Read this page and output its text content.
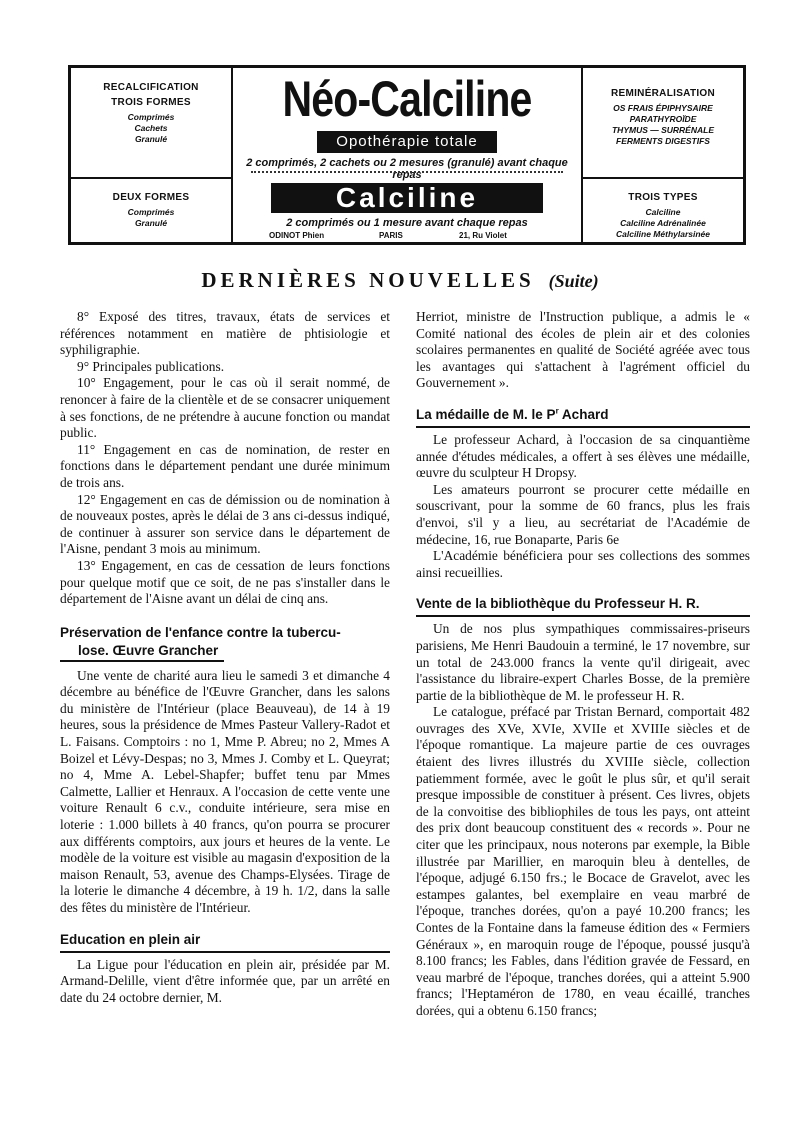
RECALCIFICATION
TROIS FORMES
Comprimés
Cachets
Granulé
DEUX FORMES
Comprimés
Granulé
Néo-Calciline
Opothérapie totale
2 comprimés, 2 cachets ou 2 mesures (granulé) avant chaque repas
Calciline
2 comprimés ou 1 mesure avant chaque repas
ODINOT Phien	PARIS	21, Ru Violet
REMINÉRALISATION
OS FRAIS ÉPIPHYSAIRE
PARATHYROÏDE
THYMUS — SURRÉNALE
FERMENTS DIGESTIFS
TROIS TYPES
Calciline
Calciline Adrénalinée
Calciline Méthylarsinée
DERNIÈRES NOUVELLES (Suite)

8° Exposé des titres, travaux, états de services et références notamment en matière de phtisiologie et syphiligraphie.

9° Principales publications.

10° Engagement, pour le cas où il serait nommé, de renoncer à faire de la clientèle et de se consacrer uniquement à ses fonctions, de ne prétendre à aucune fonction ou mandat public.

11° Engagement en cas de nomination, de rester en fonctions dans le département pendant une durée minimum de trois ans.

12° Engagement en cas de démission ou de nomination à de nouveaux postes, après le délai de 3 ans ci-dessus indiqué, de continuer à assurer son service dans le département de l'Aisne, pendant 3 mois au minimum.

13° Engagement, en cas de cessation de leurs fonctions pour quelque motif que ce soit, de ne pas s'installer dans le département de l'Aisne avant un délai de cinq ans.

Préservation de l'enfance contre la tubercu-
lose. Œuvre Grancher

Une vente de charité aura lieu le samedi 3 et dimanche 4 décembre au bénéfice de l'Œuvre Grancher, dans les salons du ministère de l'Intérieur (place Beauveau), de 14 à 19 heures, sous la présidence de Mmes Pasteur Vallery-Radot et L. Faisans. Comptoirs : no 1, Mme P. Abreu; no 2, Mmes A Boizel et Lévy-Despas; no 3, Mmes J. Comby et L. Queyrat; no 4, Mme A. Lebel-Shapfer; buffet tenu par Mmes Calmette, Lallier et Henraux. A l'occasion de cette vente une voiture Renault 6 c.v., conduite intérieure, sera mise en loterie : 1.000 billets à 40 francs, qu'on pourra se procurer aux différents comptoirs, aux jours et heures de la vente. Le modèle de la voiture est visible au magasin d'exposition de la maison Renault, 53, avenue des Champs-Elysées. Tirage de la loterie le dimanche 4 décembre, à 19 h. 1/2, dans la salle des fêtes du ministère de l'Intérieur.

Education en plein air

La Ligue pour l'éducation en plein air, présidée par M. Armand-Delille, vient d'être informée que, par un arrêté en date du 24 octobre dernier, M.

Herriot, ministre de l'Instruction publique, a admis le « Comité national des écoles de plein air et des colonies scolaires permanentes en qualité de Société agréée avec tous les avantages qui s'attachent à l'agrément officiel du Gouvernement ».

La médaille de M. le $P^r$ Achard

Le professeur Achard, à l'occasion de sa cinquantième année d'études médicales, a offert à ses élèves une médaille, œuvre du sculpteur H Dropsy.

Les amateurs pourront se procurer cette médaille en souscrivant, pour la somme de 60 francs, plus les frais d'envoi, s'il y a lieu, au secrétariat de l'Académie de médecine, 16, rue Bonaparte, Paris 6e

L'Académie bénéficiera pour ses collections des sommes ainsi recueillies.

Vente de la bibliothèque du Professeur H. R.

Un de nos plus sympathiques commissaires-priseurs parisiens, Me Henri Baudouin a terminé, le 17 novembre, sur un total de 243.000 francs la vente qu'il dirigeait, avec l'assistance du libraire-expert Charles Bosse, de la première partie de la bibliothèque de M. le professeur H. R.

Le catalogue, préfacé par Tristan Bernard, comportait 482 ouvrages des XVe, XVIe, XVIIe et XVIIIe siècles et de l'époque romantique. La majeure partie de ces ouvrages étaient des livres illustrés du XVIIIe siècle, collection patiemment formée, avec le goût le plus sûr, et qu'il serait presque impossible de constituer à présent. Ces livres, objets de la convoitise des bibliophiles de tous les pays, ont atteint des prix dont beaucoup constituent des « records ». Pour ne citer que les principaux, nous noterons par exemple, la Bible illustrée par Marillier, en maroquin bleu à dentelles, de l'époque, adjugé 6.150 frs.; le Bocace de Gravelot, avec les estampes galantes, bel exemplaire en veau marbré de l'époque, tranches dorées, qu'on a payé 10.200 francs; les Contes de la Fontaine dans la fameuse édition des « Fermiers Généraux », en maroquin rouge de l'époque, poussé jusqu'à 8.100 francs; les Fables, dans l'édition gravée de Fessard, en veau marbré de l'époque, tranches dorées, qui a atteint 5.900 francs; l'Heptaméron de 1780, en veau écaillé, tranches dorées, qui a obtenu 6.150 francs;
